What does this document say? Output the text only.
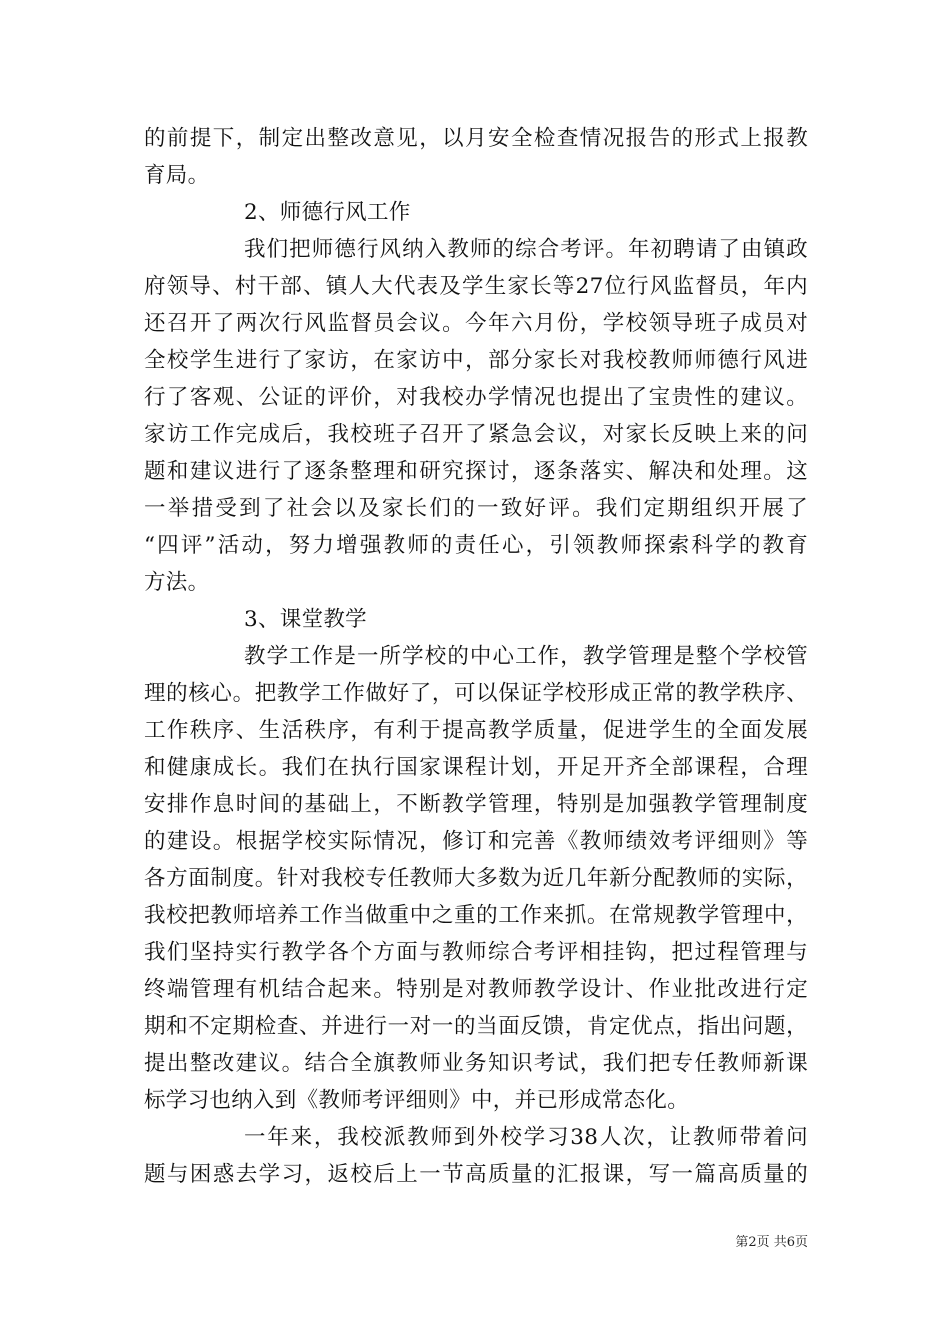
的前提下，制定出整改意见，以月安全检查情况报告的形式上报教
育局。
2、师德行风工作
我们把师德行风纳入教师的综合考评。年初聘请了由镇政
府领导、村干部、镇人大代表及学生家长等27位行风监督员，年内
还召开了两次行风监督员会议。今年六月份，学校领导班子成员对
全校学生进行了家访，在家访中，部分家长对我校教师师德行风进
行了客观、公证的评价，对我校办学情况也提出了宝贵性的建议。
家访工作完成后，我校班子召开了紧急会议，对家长反映上来的问
题和建议进行了逐条整理和研究探讨，逐条落实、解决和处理。这
一举措受到了社会以及家长们的一致好评。我们定期组织开展了
“四评”活动，努力增强教师的责任心，引领教师探索科学的教育
方法。
3、课堂教学
教学工作是一所学校的中心工作，教学管理是整个学校管
理的核心。把教学工作做好了，可以保证学校形成正常的教学秩序、
工作秩序、生活秩序，有利于提高教学质量，促进学生的全面发展
和健康成长。我们在执行国家课程计划，开足开齐全部课程，合理
安排作息时间的基础上，不断教学管理，特别是加强教学管理制度
的建设。根据学校实际情况，修订和完善《教师绩效考评细则》等
各方面制度。针对我校专任教师大多数为近几年新分配教师的实际，
我校把教师培养工作当做重中之重的工作来抓。在常规教学管理中，
我们坚持实行教学各个方面与教师综合考评相挂钩，把过程管理与
终端管理有机结合起来。特别是对教师教学设计、作业批改进行定
期和不定期检查、并进行一对一的当面反馈，肯定优点，指出问题，
提出整改建议。结合全旗教师业务知识考试，我们把专任教师新课
标学习也纳入到《教师考评细则》中，并已形成常态化。
一年来，我校派教师到外校学习38人次，让教师带着问
题与困惑去学习，返校后上一节高质量的汇报课，写一篇高质量的
第2页 共6页
